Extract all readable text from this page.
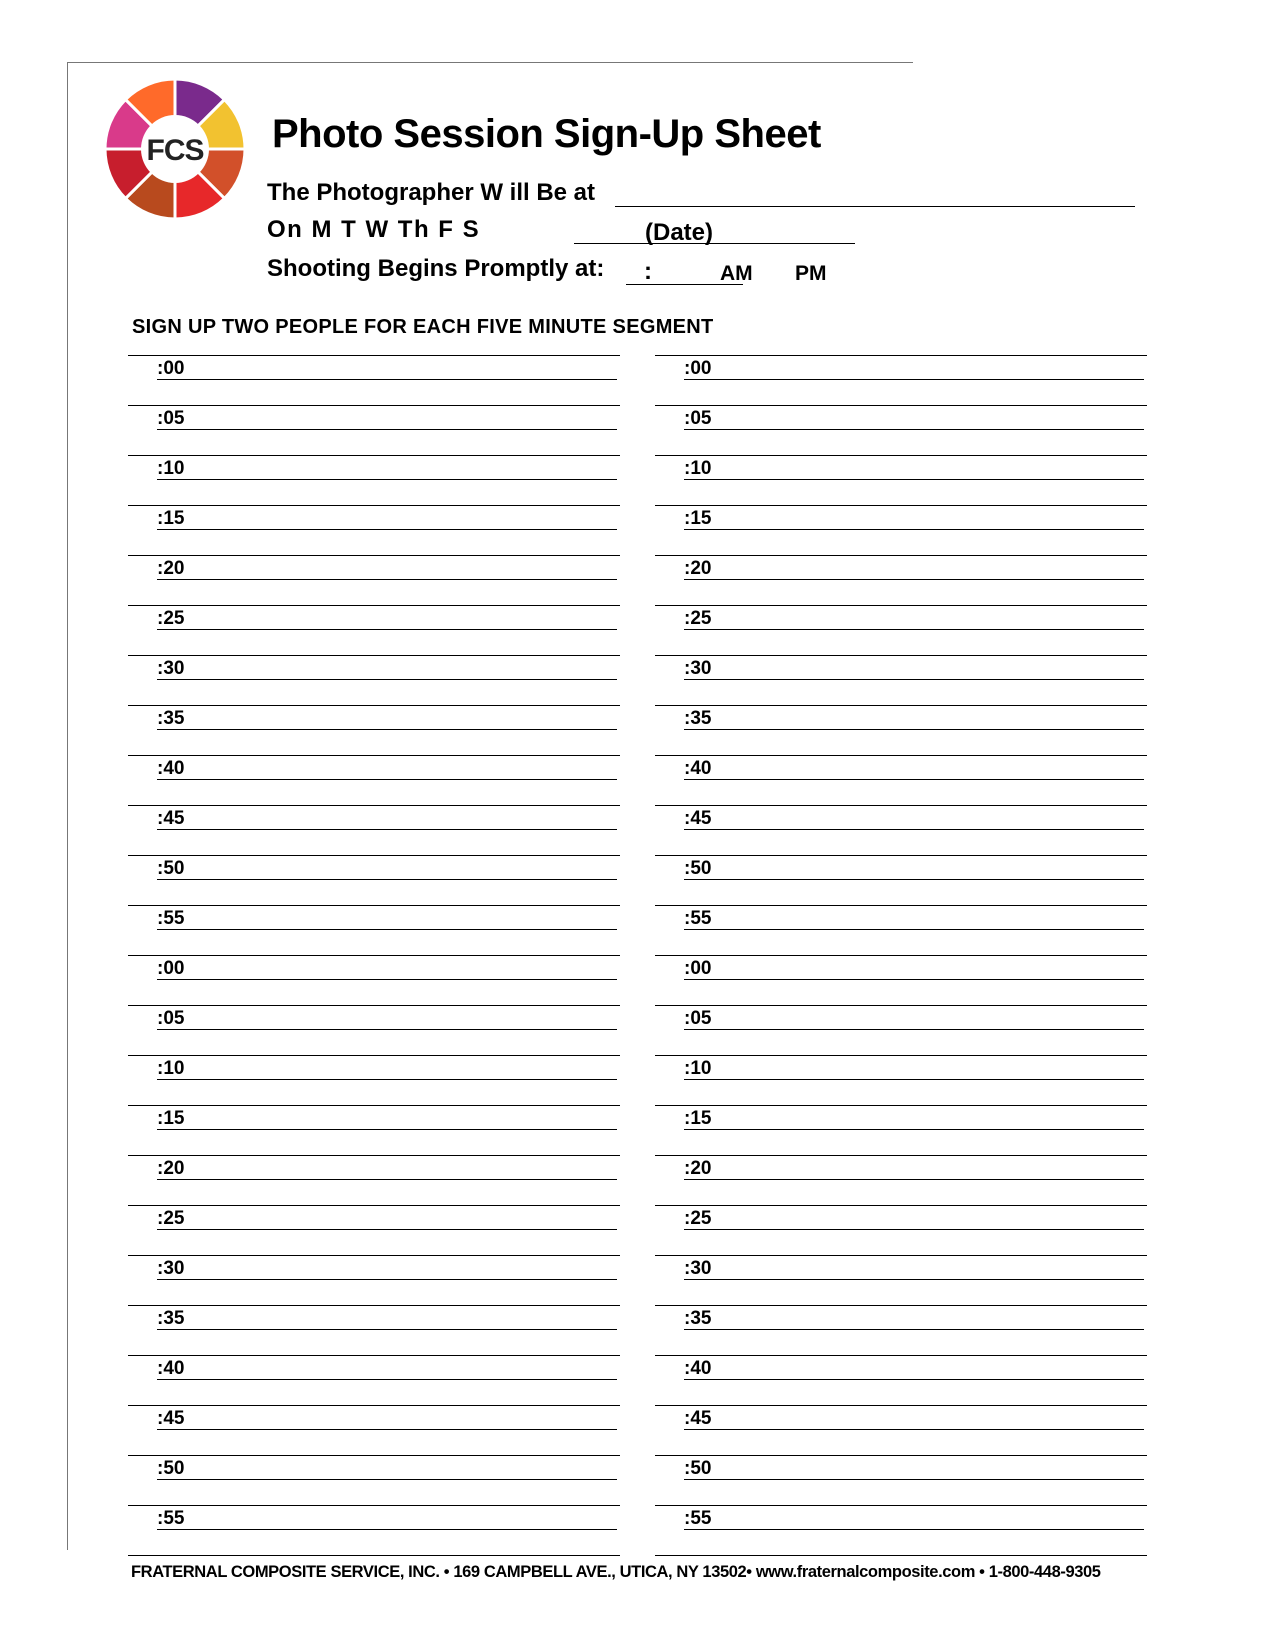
FCS Photo Session Sign-Up Sheet
The Photographer W ill Be at
On M T W Th F S	(Date)
Shooting Begins Promptly at: :	AM PM
SIGN UP TWO PEOPLE FOR EACH FIVE MINUTE SEGMENT
:00
:05
:10
:15
:20
:25
:30
:35
:40
:45
:50
:55
:00
:05
:10
:15
:20
:25
:30
:35
:40
:45
:50
:55
:00
:05
:10
:15
:20
:25
:30
:35
:40
:45
:50
:55
:00
:05
:10
:15
:20
:25
:30
:35
:40
:45
:50
:55
FRATERNAL COMPOSITE SERVICE, INC. • 169 CAMPBELL AVE., UTICA, NY 13502• www.fraternalcomposite.com • 1-800-448-9305
